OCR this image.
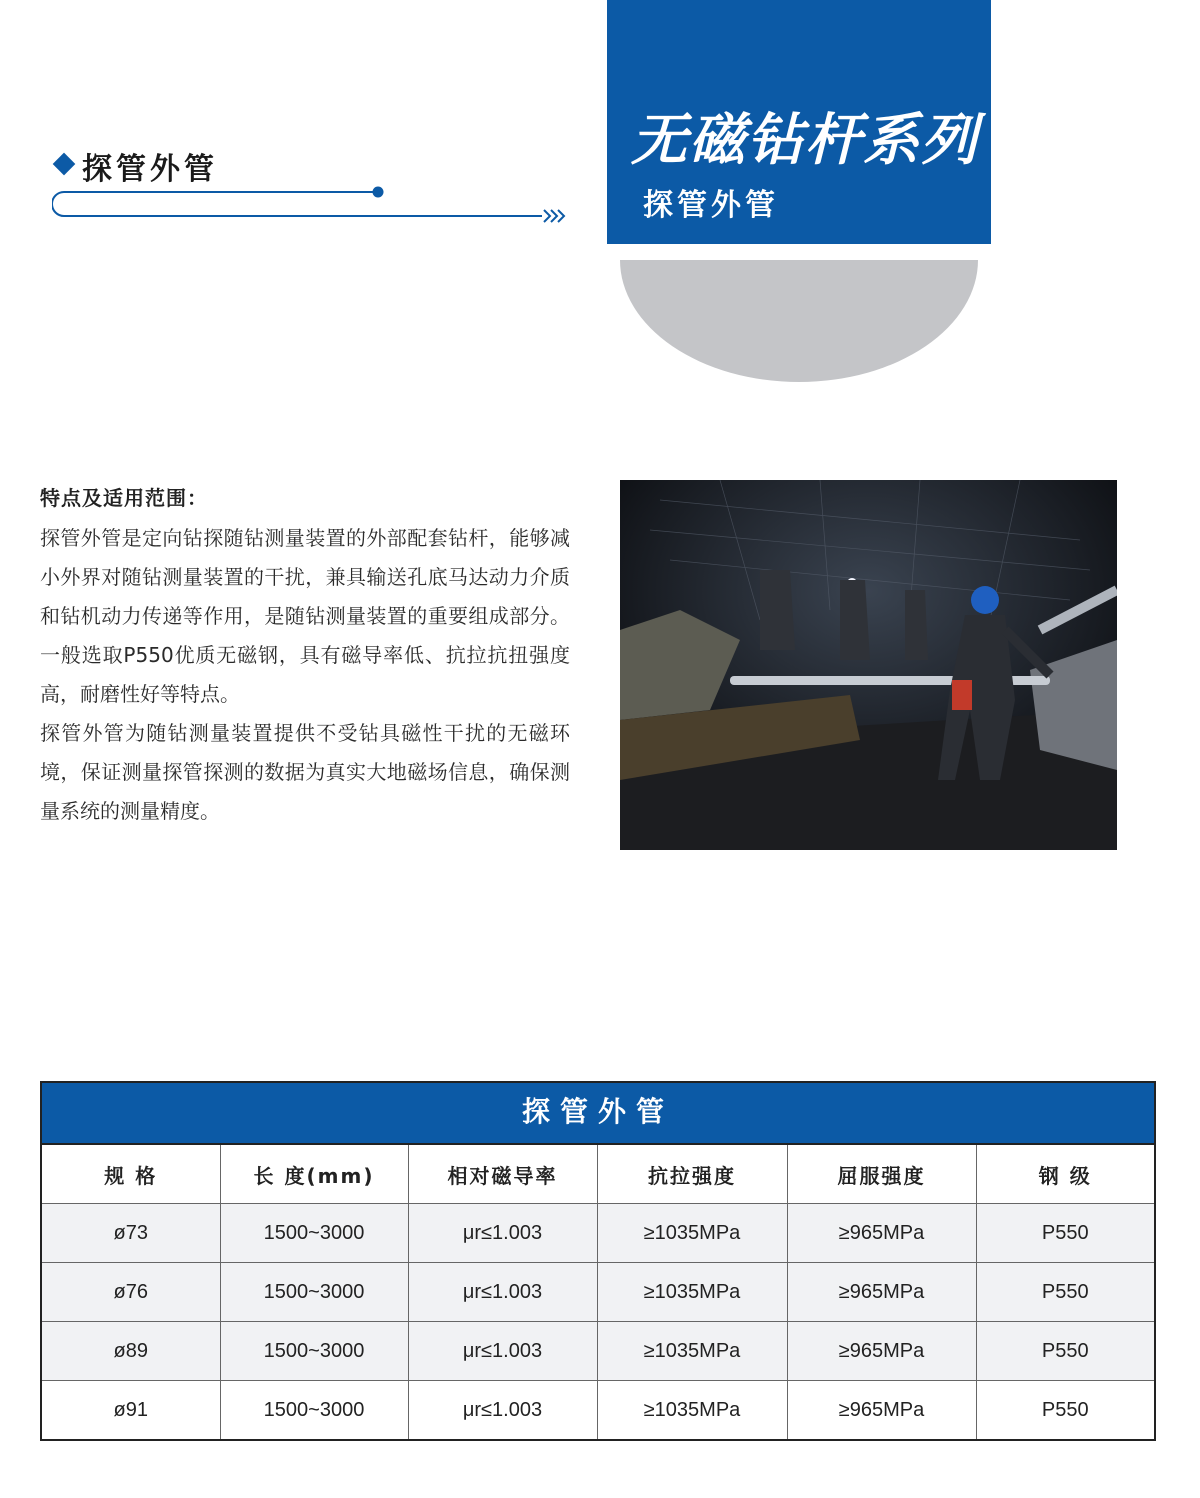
探管外管	无磁钻杆系列
探管外管
特点及适用范围：

探管外管是定向钻探随钻测量装置的外部配套钻杆，能够减小外界对随钻测量装置的干扰，兼具输送孔底马达动力介质和钻机动力传递等作用，是随钻测量装置的重要组成部分。一般选取P550优质无磁钢，具有磁导率低、抗拉抗扭强度高，耐磨性好等特点。

探管外管为随钻测量装置提供不受钻具磁性干扰的无磁环境，保证测量探管探测的数据为真实大地磁场信息，确保测量系统的测量精度。

探管外管
规 格	长 度(mm)	相对磁导率	抗拉强度	屈服强度	钢 级
ø73	1500~3000	μr≤1.003	≥1035MPa	≥965MPa	P550
ø76	1500~3000	μr≤1.003	≥1035MPa	≥965MPa	P550
ø89	1500~3000	μr≤1.003	≥1035MPa	≥965MPa	P550
ø91	1500~3000	μr≤1.003	≥1035MPa	≥965MPa	P550
